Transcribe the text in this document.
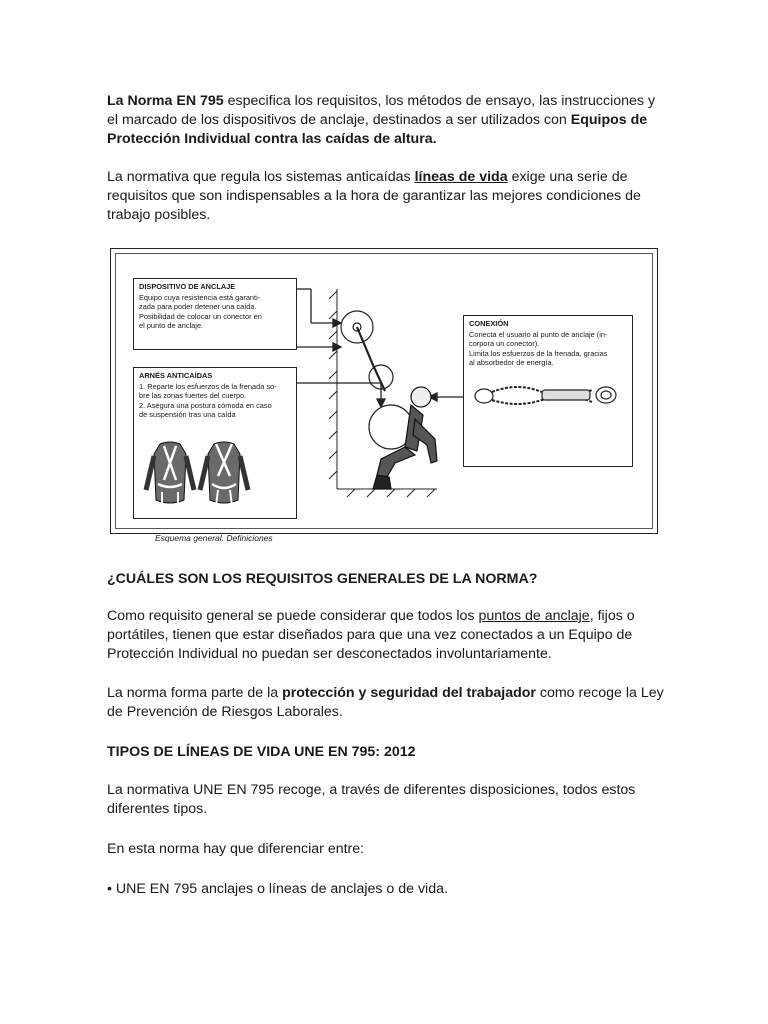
La Norma EN 795 especifica los requisitos, los métodos de ensayo, las instrucciones y el marcado de los dispositivos de anclaje, destinados a ser utilizados con Equipos de Protección Individual contra las caídas de altura.

La normativa que regula los sistemas anticaídas líneas de vida exige una serie de requisitos que son indispensables a la hora de garantizar las mejores condiciones de trabajo posibles.

DISPOSITIVO DE ANCLAJE
Equipo cuya resistencia está garanti-
zada para poder detener una caída.
Posibilidad de colocar un conector en
el punto de anclaje.
ARNÉS ANTICAÍDAS
1. Reparte los esfuerzos de la frenada so-
bre las zonas fuertes del cuerpo.
2. Asegura una postura cómoda en caso
de suspensión tras una caída
CONEXIÓN
Conecta el usuario al punto de anclaje (in-
corpora un conector).
Limita los esfuerzos de la frenada, gracias
al absorbedor de energía.
Esquema general. Definiciones
¿CUÁLES SON LOS REQUISITOS GENERALES DE LA NORMA?

Como requisito general se puede considerar que todos los puntos de anclaje, fijos o portátiles, tienen que estar diseñados para que una vez conectados a un Equipo de Protección Individual no puedan ser desconectados involuntariamente.

La norma forma parte de la protección y seguridad del trabajador como recoge la Ley de Prevención de Riesgos Laborales.

TIPOS DE LÍNEAS DE VIDA UNE EN 795: 2012

La normativa UNE EN 795 recoge, a través de diferentes disposiciones, todos estos diferentes tipos.

En esta norma hay que diferenciar entre:

• UNE EN 795 anclajes o líneas de anclajes o de vida.
